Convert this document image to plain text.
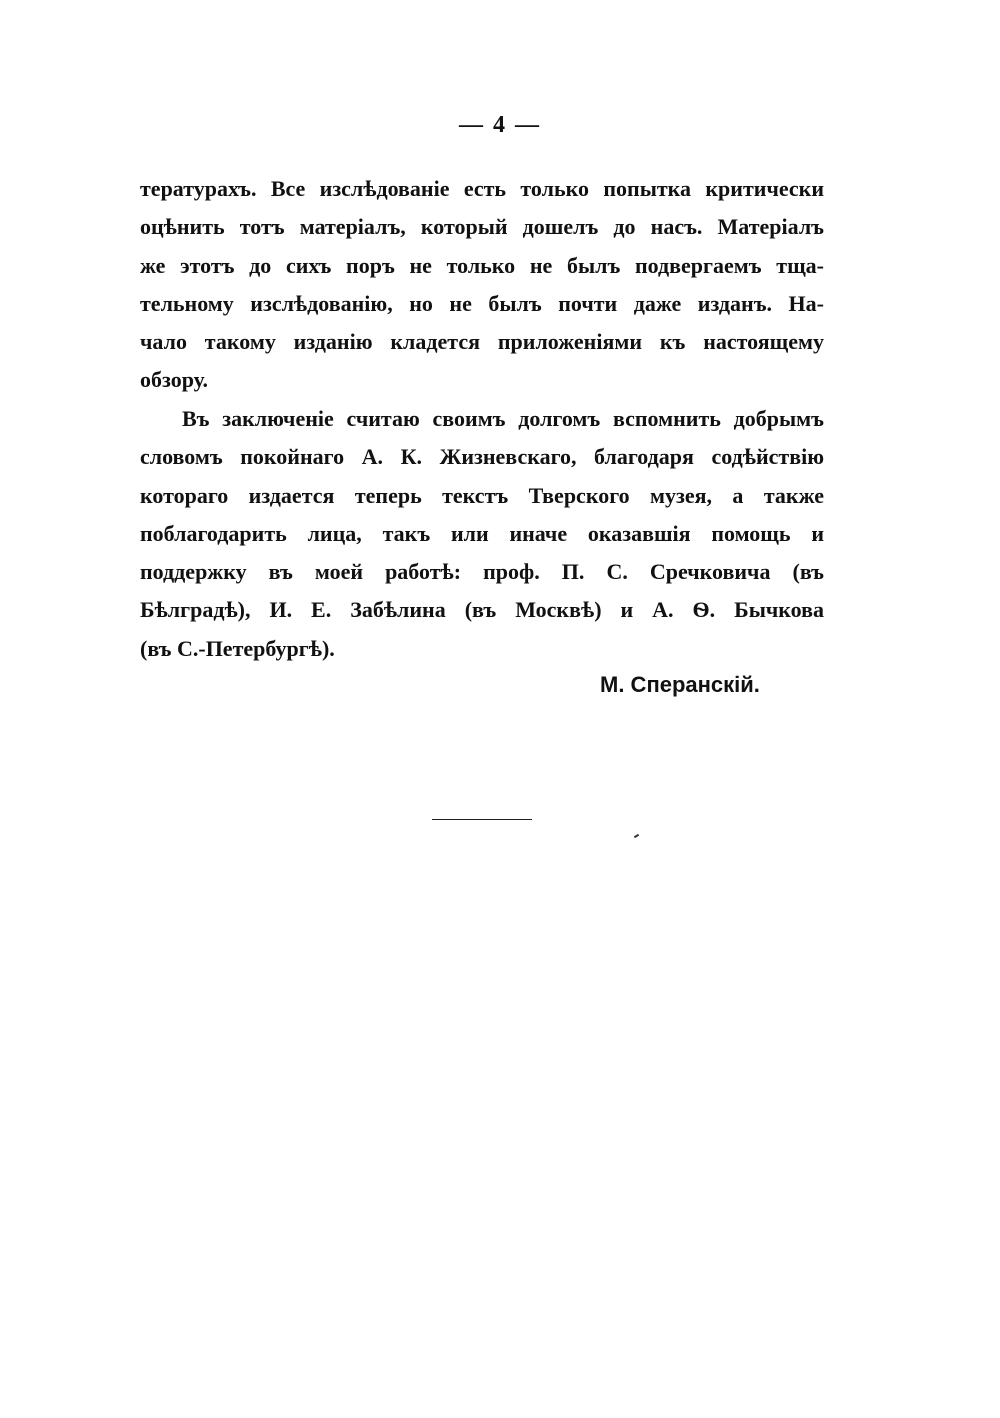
— 4 —
тературахъ. Все изслѣдованіе есть только попытка критически
оцѣнить тотъ матеріалъ, который дошелъ до насъ. Матеріалъ
же этотъ до сихъ поръ не только не былъ подвергаемъ тща-
тельному изслѣдованію, но не былъ почти даже изданъ. На-
чало такому изданію кладется приложеніями къ настоящему
обзору.
Въ заключеніе считаю своимъ долгомъ вспомнить добрымъ
словомъ покойнаго А. К. Жизневскаго, благодаря содѣйствію
котораго издается теперь текстъ Тверского музея, а также
поблагодарить лица, такъ или иначе оказавшія помощь и
поддержку въ моей работѣ: проф. П. С. Сречковича (въ
Бѣлградѣ), И. Е. Забѣлина (въ Москвѣ) и А. Ѳ. Бычкова
(въ С.-Петербургѣ).
М. Сперанскій.
